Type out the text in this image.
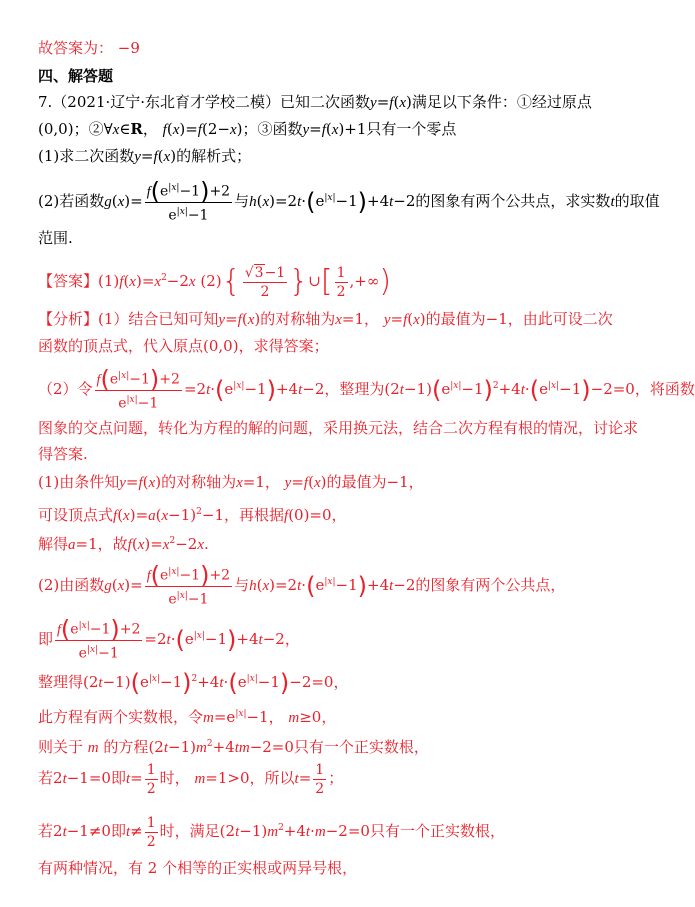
故答案为： −9
四、解答题
7.（2021·辽宁·东北育才学校二模）已知二次函数y=f(x)满足以下条件：①经过原点
(0,0)；②∀x∈R， f(x)=f(2−x)；③函数y=f(x)+1只有一个零点
(1)求二次函数y=f(x)的解析式；
(2)若函数$g(x)= \frac{f(e^{|x|}-1)+2}{e^{|x|}-1}$ 与$h(x)=2t\cdot(e^{|x|}-1)+4t-2$的图象有两个公共点，求实数t的取值
范围.
【答案】$(1)f(x)=x^2-2x$ $(2)\{ \frac{√3-1}{2}$ }∪[ $\frac{1}{2}$ ,+∞)
【分析】(1）结合已知可知y=f(x)的对称轴为x=1， y=f(x)的最值为−1，由此可设二次
函数的顶点式，代入原点(0,0)，求得答案；
（2）令 $\frac{f(e^{|x|}-1)+2}{e^{|x|}-1} =2t\cdot(e^{|x|}-1)+4t-2$，整理为$(2t-1)(e^{|x|}-1)^2+4t\cdot(e^{|x|}-1)-2=0$，将函数
图象的交点问题，转化为方程的解的问题，采用换元法，结合二次方程有根的情况，讨论求
得答案.
(1)由条件知y=f(x)的对称轴为x=1， y=f(x)的最值为−1，
可设顶点式$f(x)=a(x-1)^2-1$，再根据f(0)=0，
解得a=1，故$f(x)=x^2-2x$.
(2)由函数$g(x)= \frac{f(e^{|x|}-1)+2}{e^{|x|}-1}$ 与$h(x)=2t\cdot(e^{|x|}-1)+4t-2$的图象有两个公共点，
即 $\frac{f(e^{|x|}-1)+2}{e^{|x|}-1} =2t\cdot(e^{|x|}-1)+4t-2$，
整理得$(2t-1)(e^{|x|}-1)^2+4t\cdot(e^{|x|}-1)-2=0$，
此方程有两个实数根，令$m=e^{|x|}-1$， m≥0，
则关于 m 的方程$(2t-1)m^2+4tm-2=0$只有一个正实数根，
若2t−1=0即$t= \frac{1}{2}$ 时， m=1>0，所以$t= \frac{1}{2}$ ；
若2t−1≠0即$t\ne \frac{1}{2}$ 时，满足$(2t-1)m^2+4t\cdot m-2=0$只有一个正实数根，
有两种情况，有 2 个相等的正实根或两异号根，
